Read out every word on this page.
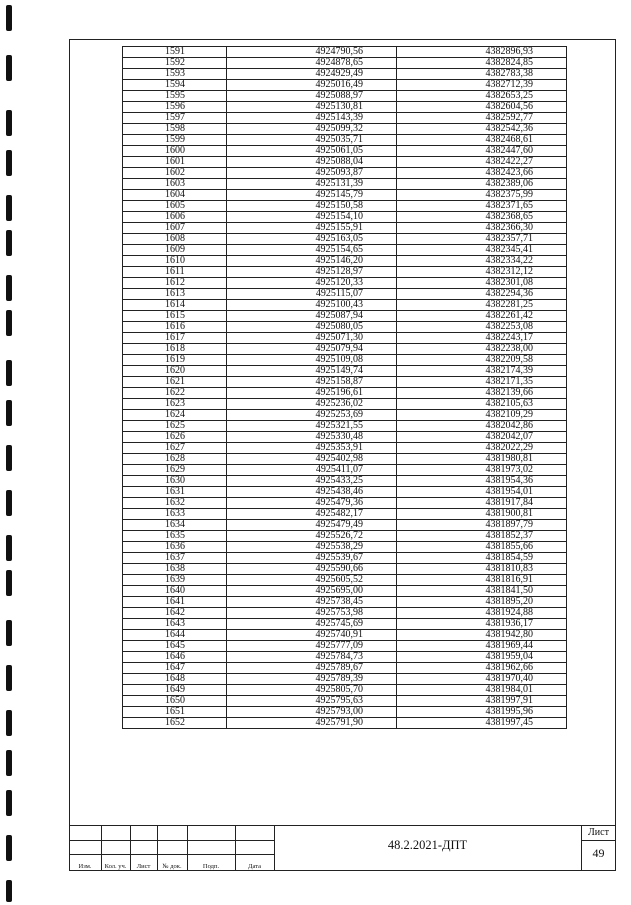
1591	4924790,56	4382896,93
1592	4924878,65	4382824,85
1593	4924929,49	4382783,38
1594	4925016,49	4382712,39
1595	4925088,97	4382653,25
1596	4925130,81	4382604,56
1597	4925143,39	4382592,77
1598	4925099,32	4382542,36
1599	4925035,71	4382468,61
1600	4925061,05	4382447,60
1601	4925088,04	4382422,27
1602	4925093,87	4382423,66
1603	4925131,39	4382389,06
1604	4925145,79	4382375,99
1605	4925150,58	4382371,65
1606	4925154,10	4382368,65
1607	4925155,91	4382366,30
1608	4925163,05	4382357,71
1609	4925154,65	4382345,41
1610	4925146,20	4382334,22
1611	4925128,97	4382312,12
1612	4925120,33	4382301,08
1613	4925115,07	4382294,36
1614	4925100,43	4382281,25
1615	4925087,94	4382261,42
1616	4925080,05	4382253,08
1617	4925071,30	4382243,17
1618	4925079,94	4382238,00
1619	4925109,08	4382209,58
1620	4925149,74	4382174,39
1621	4925158,87	4382171,35
1622	4925196,61	4382139,66
1623	4925236,02	4382105,63
1624	4925253,69	4382109,29
1625	4925321,55	4382042,86
1626	4925330,48	4382042,07
1627	4925353,91	4382022,29
1628	4925402,98	4381980,81
1629	4925411,07	4381973,02
1630	4925433,25	4381954,36
1631	4925438,46	4381954,01
1632	4925479,36	4381917,84
1633	4925482,17	4381900,81
1634	4925479,49	4381897,79
1635	4925526,72	4381852,37
1636	4925538,29	4381855,66
1637	4925539,67	4381854,59
1638	4925590,66	4381810,83
1639	4925605,52	4381816,91
1640	4925695,00	4381841,50
1641	4925738,45	4381895,20
1642	4925753,98	4381924,88
1643	4925745,69	4381936,17
1644	4925740,91	4381942,80
1645	4925777,09	4381969,44
1646	4925784,73	4381959,04
1647	4925789,67	4381962,66
1648	4925789,39	4381970,40
1649	4925805,70	4381984,01
1650	4925795,63	4381997,91
1651	4925793,00	4381995,96
1652	4925791,90	4381997,45
Изм.	Кол. уч.	Лист	№ док.	Подп.	Дата
48.2.2021-ДПТ
Лист
49
